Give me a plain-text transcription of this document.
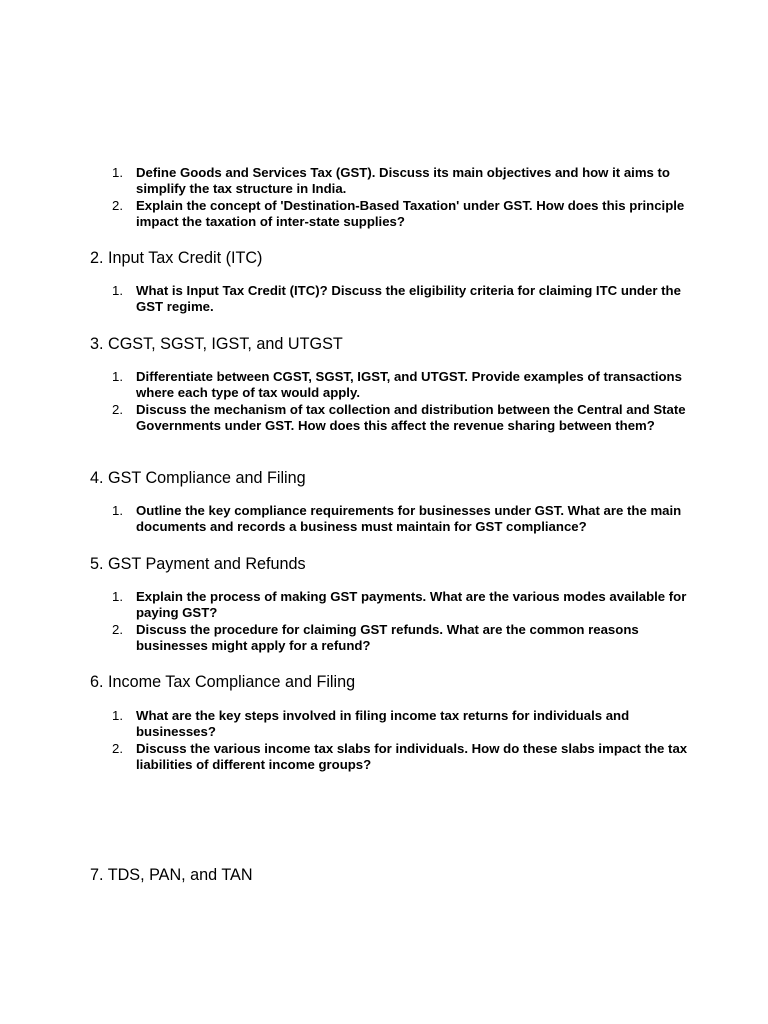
1. Define Goods and Services Tax (GST). Discuss its main objectives and how it aims to simplify the tax structure in India.
2. Explain the concept of 'Destination-Based Taxation' under GST. How does this principle impact the taxation of inter-state supplies?
2. Input Tax Credit (ITC)
1. What is Input Tax Credit (ITC)? Discuss the eligibility criteria for claiming ITC under the GST regime.
3. CGST, SGST, IGST, and UTGST
1. Differentiate between CGST, SGST, IGST, and UTGST. Provide examples of transactions where each type of tax would apply.
2. Discuss the mechanism of tax collection and distribution between the Central and State Governments under GST. How does this affect the revenue sharing between them?
4. GST Compliance and Filing
1. Outline the key compliance requirements for businesses under GST. What are the main documents and records a business must maintain for GST compliance?
5. GST Payment and Refunds
1. Explain the process of making GST payments. What are the various modes available for paying GST?
2. Discuss the procedure for claiming GST refunds. What are the common reasons businesses might apply for a refund?
6. Income Tax Compliance and Filing
1. What are the key steps involved in filing income tax returns for individuals and businesses?
2. Discuss the various income tax slabs for individuals. How do these slabs impact the tax liabilities of different income groups?
7. TDS, PAN, and TAN
